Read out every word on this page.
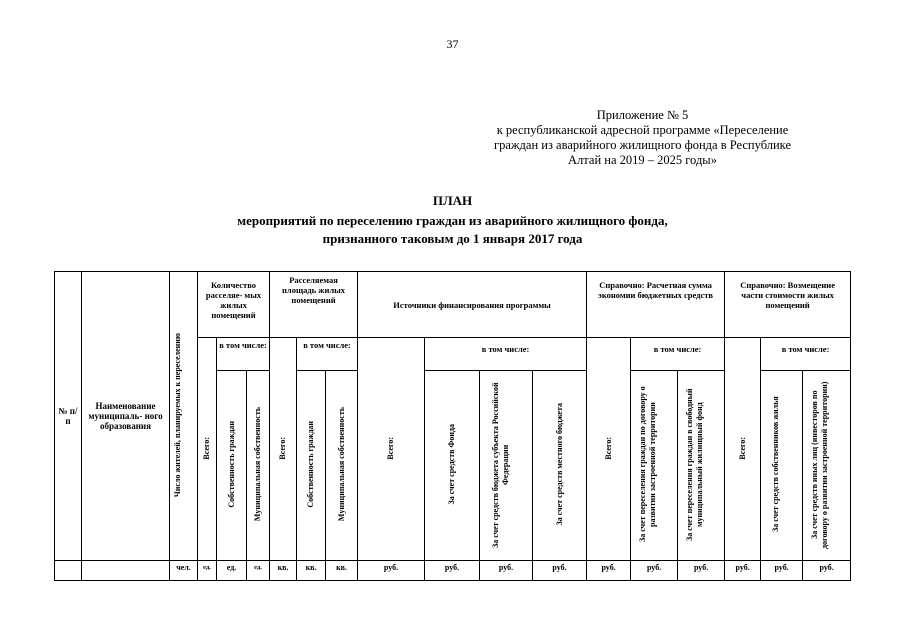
37
Приложение № 5
к республиканской адресной программе «Переселение
граждан из аварийного жилищного фонда в Республике
Алтай на 2019 – 2025 годы»
ПЛАН
мероприятий по переселению граждан из аварийного жилищного фонда,
признанного таковым до 1 января 2017 года
№ п/ п	Наименование муниципаль- ного образования	Число жителей, планируемых к переселению	Количество расселяе- мых жилых помещений			Расселяемая площадь жилых помещений			Источники финансирования программы				Справочно: Расчетная сумма экономии бюджетных средств			Справочно: Возмещение части стоимости жилых помещений		
			Всего:	в том числе:		Всего:	в том числе:		Всего:	в том числе:			Всего:	в том числе:		Всего:	в том числе:	
				Собственность граждан	Муниципальная собственность		Собственность граждан	Муниципальная собственность		За счет средств Фонда	За счет средств бюджета субъекта Российской Федерации	За счет средств местного бюджета		За счет переселения граждан по договору о развитии застроенной территории	За счет переселения граждан в свободный муниципальный жилищный фонд		За счет средств собственников жилья	За счет средств иных лиц (инвесторов по договору о развитии застроенной территории)
		чел.	ед.	ед.	ед.	кв.	кв.	кв.	руб.	руб.	руб.	руб.	руб.	руб.	руб.	руб.	руб.	руб.
